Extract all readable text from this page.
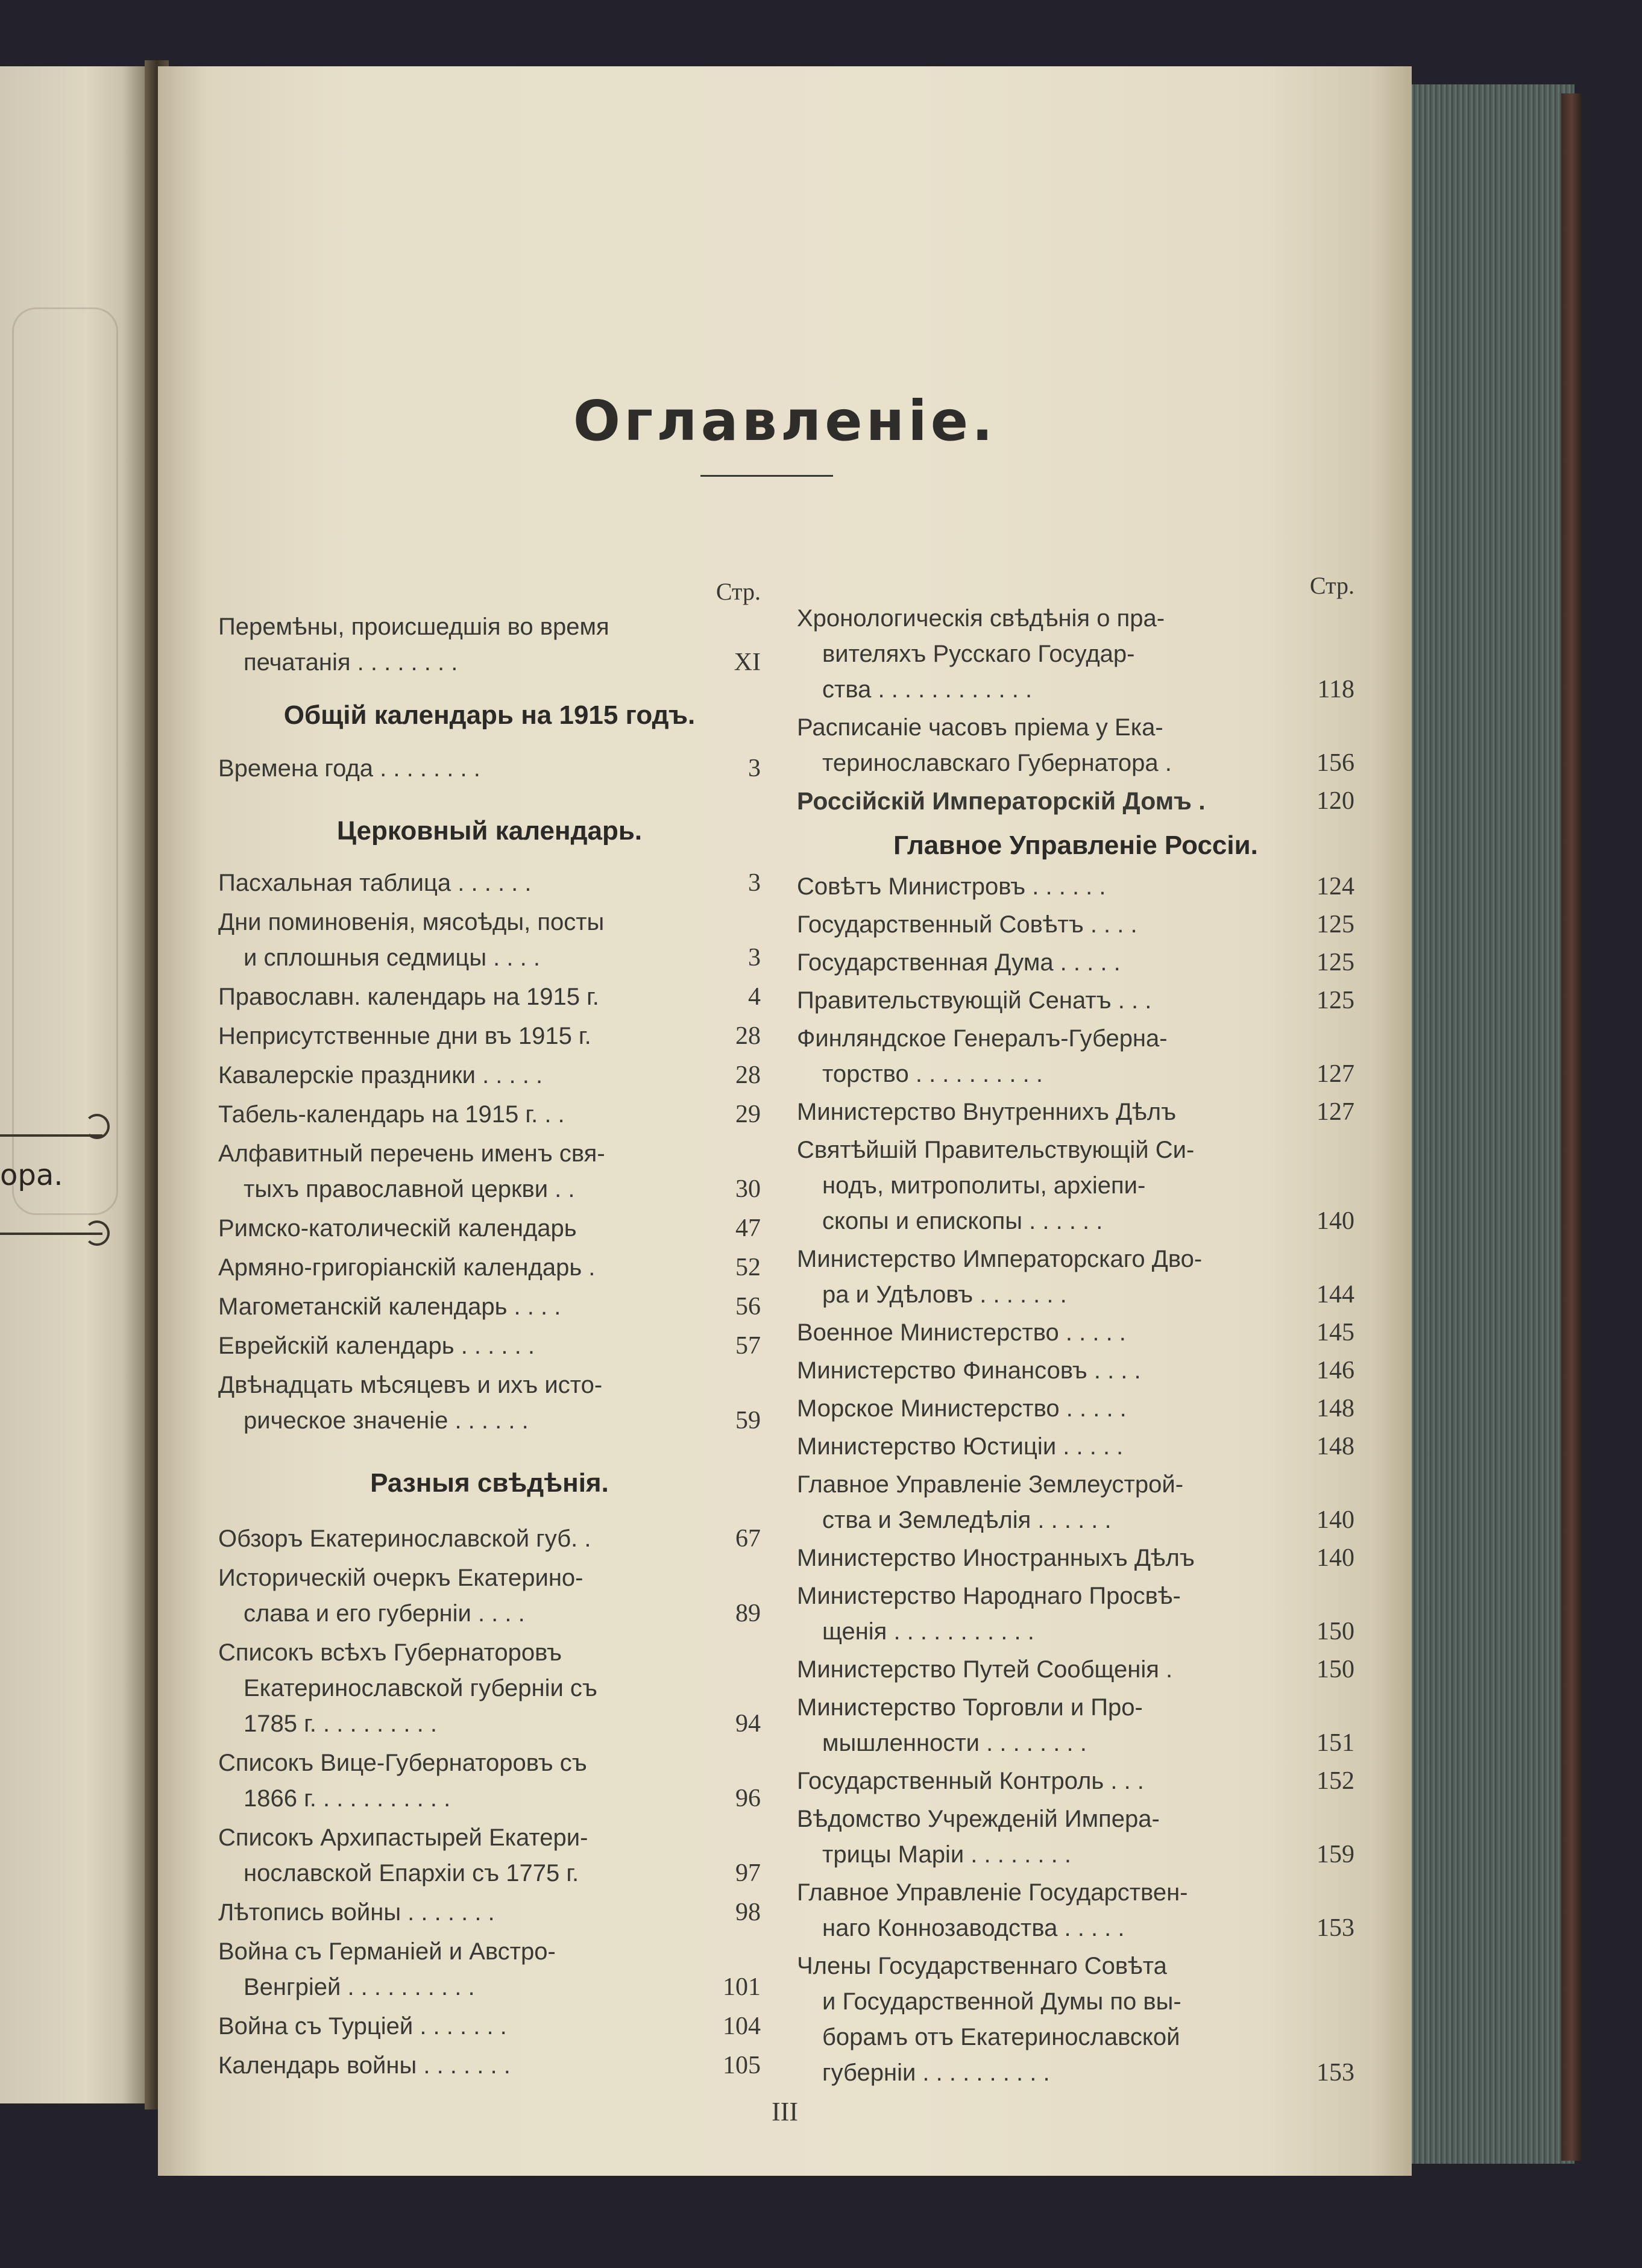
ора.
Оглавленіе.
Стр.
Перемѣны, происшедшія во время
печатанія . . . . . . . .	XI
Общій календарь на 1915 годъ.
Времена года . . . . . . . .	3
Церковный календарь.
Пасхальная таблица . . . . . .	3
Дни поминовенія, мясоѣды, посты
и сплошныя седмицы . . . .	3
Православн. календарь на 1915 г.	4
Неприсутственные дни въ 1915 г.	28
Кавалерскіе праздники . . . . .	28
Табель-календарь на 1915 г. . .	29
Алфавитный перечень именъ свя-
тыхъ православной церкви . .	30
Римско-католическій календарь	47
Армяно-григоріанскій календарь .	52
Магометанскій календарь . . . .	56
Еврейскій календарь . . . . . .	57
Двѣнадцать мѣсяцевъ и ихъ исто-
рическое значеніе . . . . . .	59
Разныя свѣдѣнія.
Обзоръ Екатеринославской губ. .	67
Историческій очеркъ Екатерино-
слава и его губерніи . . . .	89
Списокъ всѣхъ Губернаторовъ
Екатеринославской губерніи съ
1785 г. . . . . . . . . .	94
Списокъ Вице-Губернаторовъ съ
1866 г. . . . . . . . . . .	96
Списокъ Архипастырей Екатери-
нославской Епархіи съ 1775 г.	97
Лѣтопись войны . . . . . . .	98
Война съ Германіей и Австро-
Венгріей . . . . . . . . . .	101
Война съ Турціей . . . . . . .	104
Календарь войны . . . . . . .	105
Стр.
Хронологическія свѣдѣнія о пра-
вителяхъ Русскаго Государ-
ства . . . . . . . . . . . .	118
Расписаніе часовъ пріема у Ека-
теринославскаго Губернатора .	156
Россійскій Императорскій Домъ .	120
Главное Управленіе Россіи.
Совѣтъ Министровъ . . . . . .	124
Государственный Совѣтъ . . . .	125
Государственная Дума . . . . .	125
Правительствующій Сенатъ . . .	125
Финляндское Генералъ-Губерна-
торство . . . . . . . . . .	127
Министерство Внутреннихъ Дѣлъ	127
Святѣйшій Правительствующій Си-
нодъ, митрополиты, архіепи-
скопы и епископы . . . . . .	140
Министерство Императорскаго Дво-
ра и Удѣловъ . . . . . . .	144
Военное Министерство . . . . .	145
Министерство Финансовъ . . . .	146
Морское Министерство . . . . .	148
Министерство Юстиціи . . . . .	148
Главное Управленіе Землеустрой-
ства и Земледѣлія . . . . . .	140
Министерство Иностранныхъ Дѣлъ	140
Министерство Народнаго Просвѣ-
щенія . . . . . . . . . . .	150
Министерство Путей Сообщенія .	150
Министерство Торговли и Про-
мышленности . . . . . . . .	151
Государственный Контроль . . .	152
Вѣдомство Учрежденій Импера-
трицы Маріи . . . . . . . .	159
Главное Управленіе Государствен-
наго Коннозаводства . . . . .	153
Члены Государственнаго Совѣта
и Государственной Думы по вы-
борамъ отъ Екатеринославской
губерніи . . . . . . . . . .	153
III
